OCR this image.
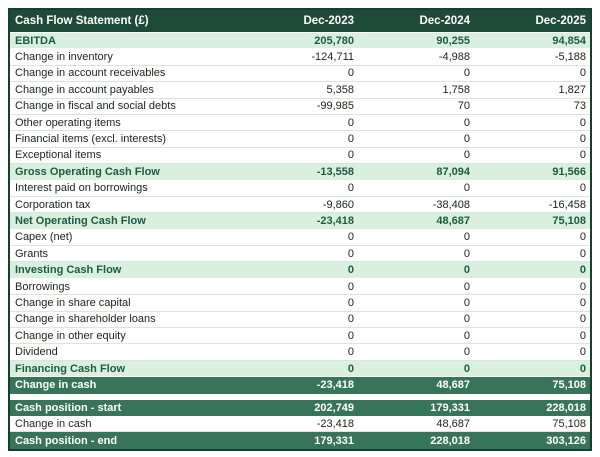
Cash Flow Statement (£)	Dec-2023	Dec-2024	Dec-2025
EBITDA	205,780	90,255	94,854
Change in inventory	-124,711	-4,988	-5,188
Change in account receivables	0	0	0
Change in account payables	5,358	1,758	1,827
Change in fiscal and social debts	-99,985	70	73
Other operating items	0	0	0
Financial items (excl. interests)	0	0	0
Exceptional items	0	0	0
Gross Operating Cash Flow	-13,558	87,094	91,566
Interest paid on borrowings	0	0	0
Corporation tax	-9,860	-38,408	-16,458
Net Operating Cash Flow	-23,418	48,687	75,108
Capex (net)	0	0	0
Grants	0	0	0
Investing Cash Flow	0	0	0
Borrowings	0	0	0
Change in share capital	0	0	0
Change in shareholder loans	0	0	0
Change in other equity	0	0	0
Dividend	0	0	0
Financing Cash Flow	0	0	0
Change in cash	-23,418	48,687	75,108
Cash position - start	202,749	179,331	228,018
Change in cash	-23,418	48,687	75,108
Cash position - end	179,331	228,018	303,126
